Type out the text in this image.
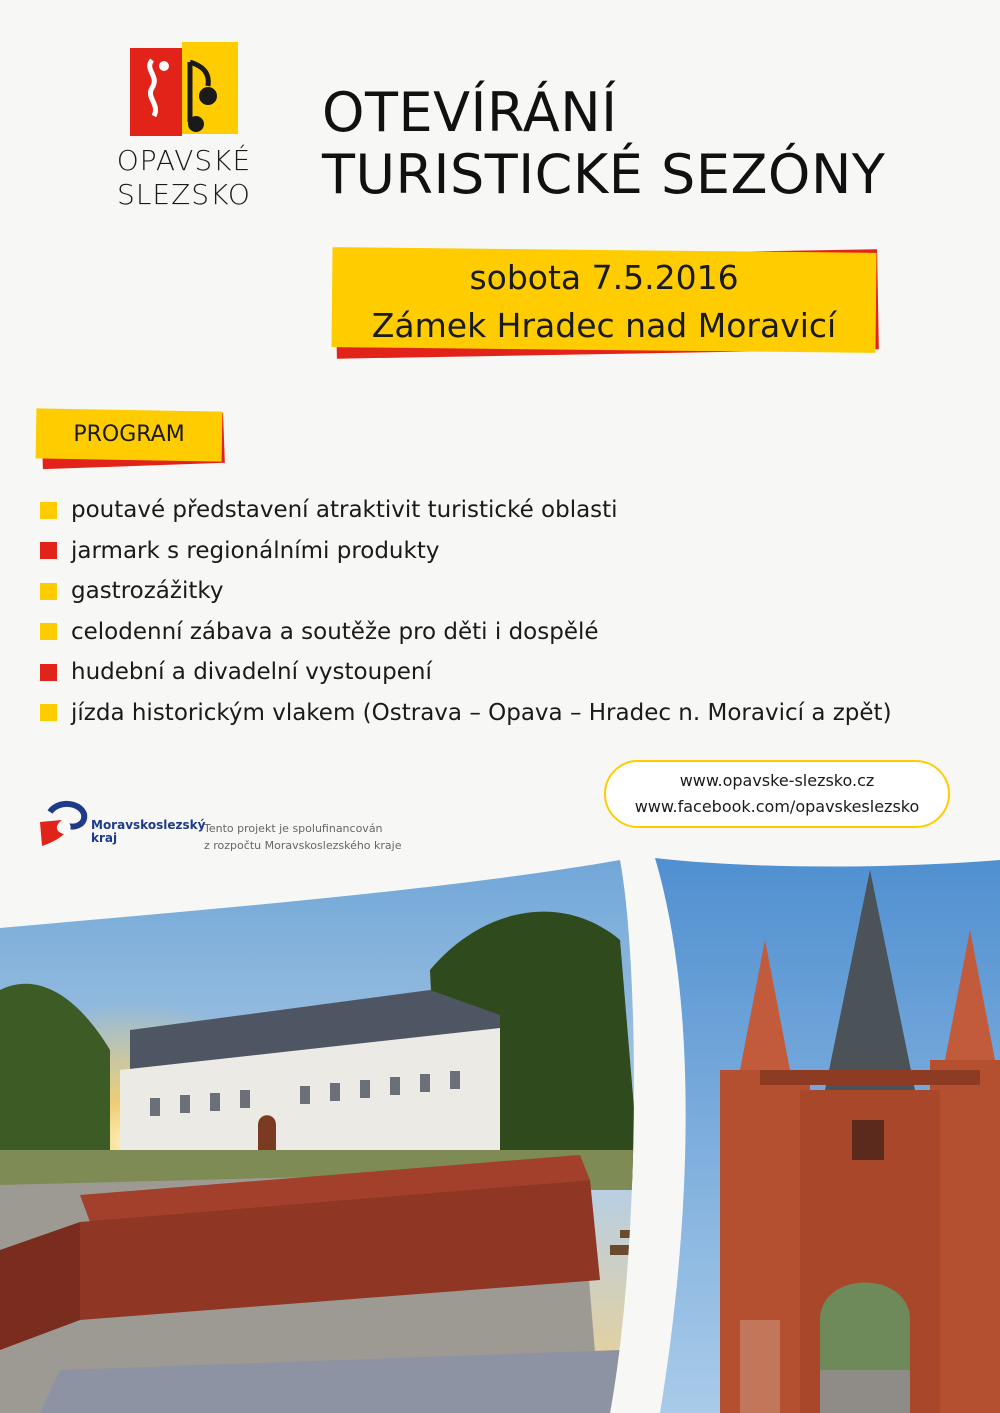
OPAVSKÉ
SLEZSKO
OTEVÍRÁNÍ
TURISTICKÉ SEZÓNY
sobota 7.5.2016
Zámek Hradec nad Moravicí
PROGRAM
poutavé představení atraktivit turistické oblasti
jarmark s regionálními produkty
gastrozážitky
celodenní zábava a soutěže pro děti i dospělé
hudební a divadelní vystoupení
jízda historickým vlakem (Ostrava – Opava – Hradec n. Moravicí a zpět)
www.opavske-slezsko.cz
www.facebook.com/opavskeslezsko
Moravskoslezský
kraj
Tento projekt je spolufinancován
z rozpočtu Moravskoslezského kraje
